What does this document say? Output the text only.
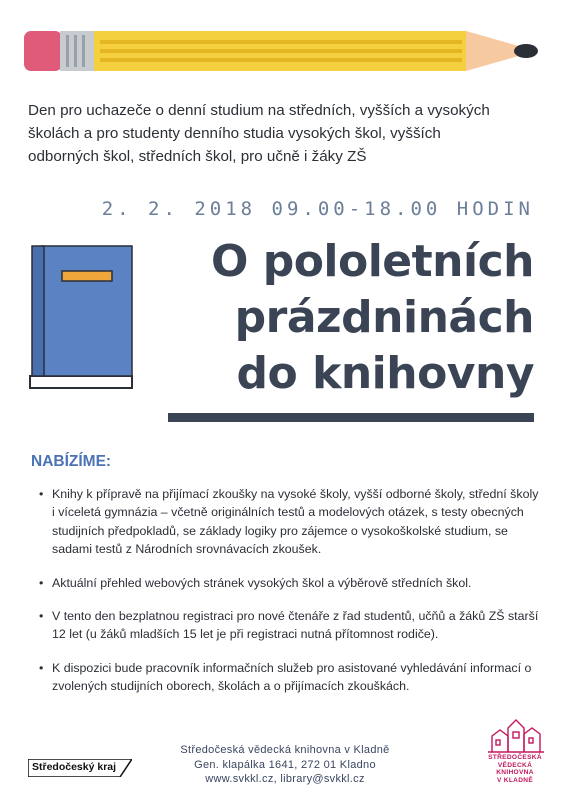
Den pro uchazeče o denní studium na středních, vyšších a vysokých
školách a pro studenty denního studia vysokých škol, vyšších
odborných škol, středních škol, pro učně i žáky ZŠ
2. 2. 2018 09.00-18.00 HODIN
O pololetních
prázdninách
do knihovny
NABÍZÍME:
• Knihy k přípravě na přijímací zkoušky na vysoké školy, vyšší odborné školy, střední školy i víceletá gymnázia – včetně originálních testů a modelových otázek, s testy obecných studijních předpokladů, se základy logiky pro zájemce o vysokoškolské studium, se sadami testů z Národních srovnávacích zkoušek.
• Aktuální přehled webových stránek vysokých škol a výběrově středních škol.
• V tento den bezplatnou registraci pro nové čtenáře z řad studentů, učňů a žáků ZŠ starší 12 let (u žáků mladších 15 let je při registraci nutná přítomnost rodiče).
• K dispozici bude pracovník informačních služeb pro asistované vyhledávání informací o zvolených studijních oborech, školách a o přijímacích zkouškách.
Středočeský kraj
Středočeská vědecká knihovna v Kladně
Gen. klapálka 1641, 272 01 Kladno
www.svkkl.cz, library@svkkl.cz
STŘEDOČESKÁ
VĚDECKÁ
KNIHOVNA
V KLADNĚ
